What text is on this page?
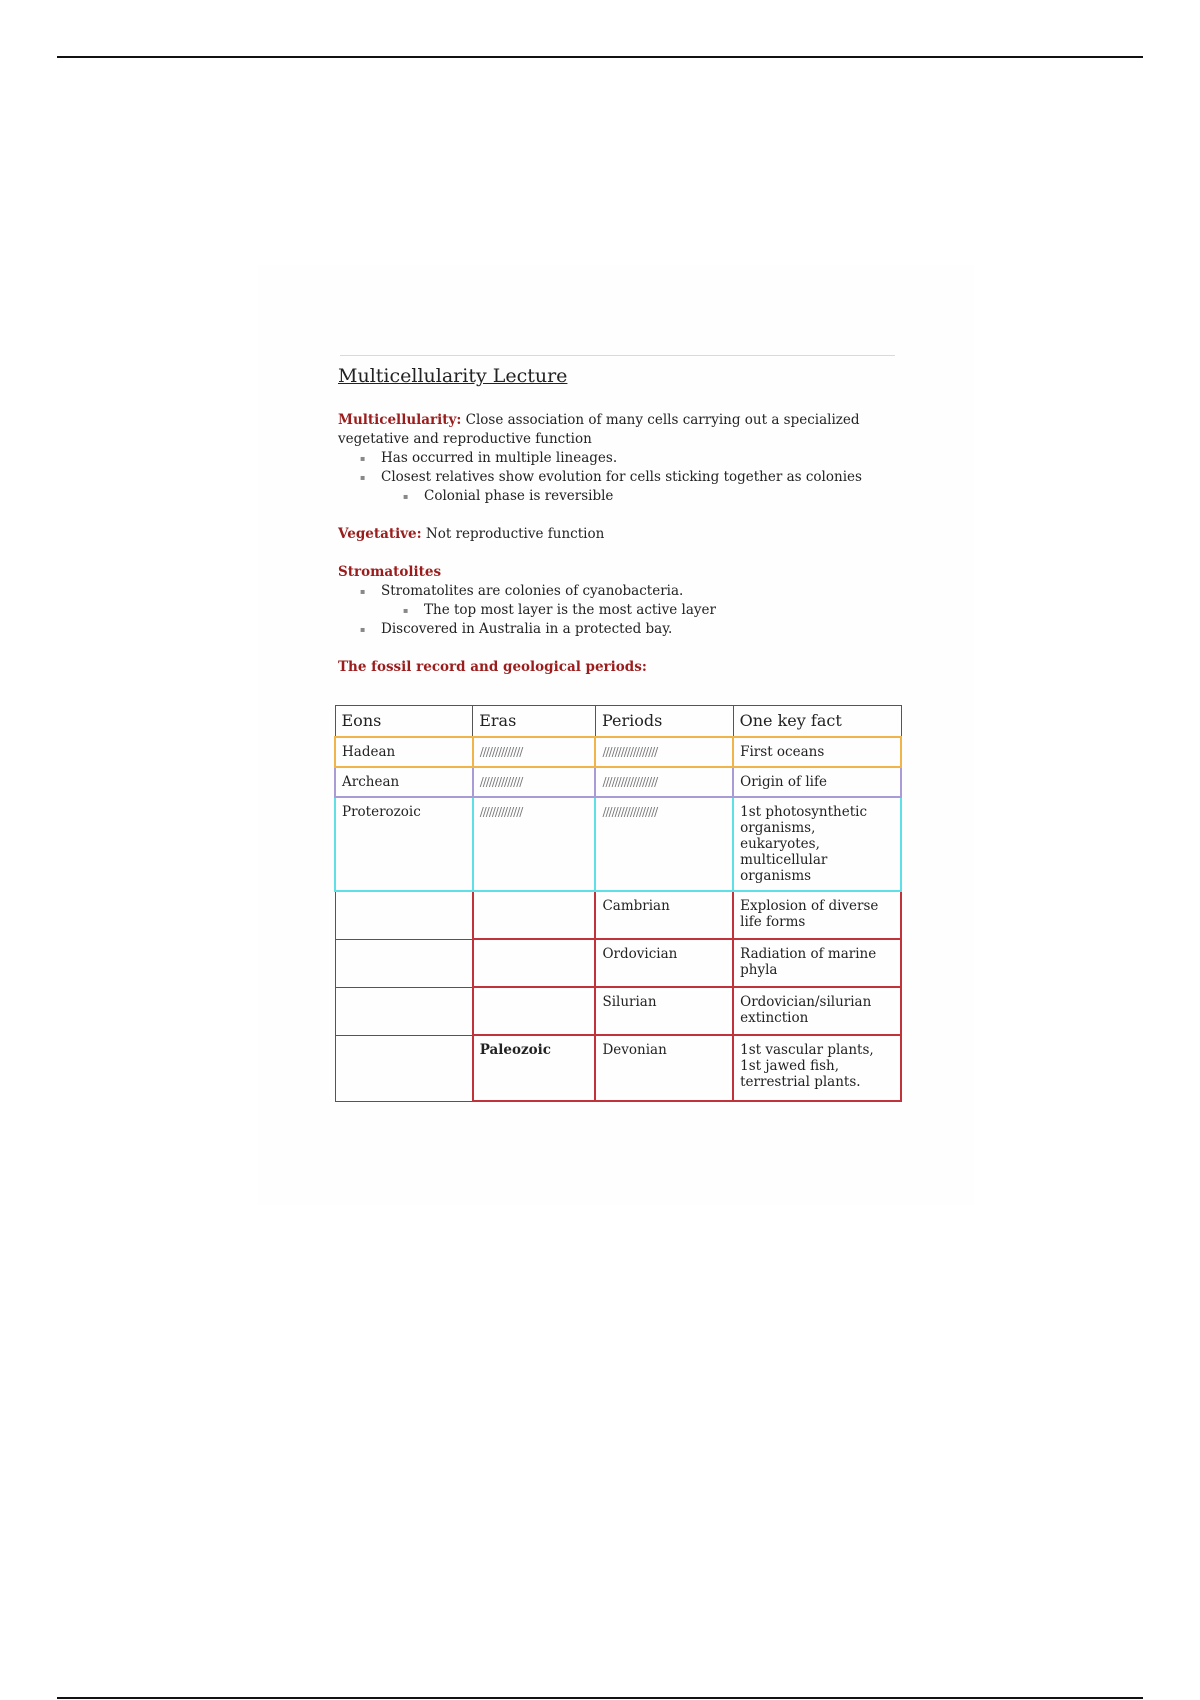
Multicellularity Lecture

Multicellularity: Close association of many cells carrying out a specialized vegetative and reproductive function

▪ Has occurred in multiple lineages.
▪ Closest relatives show evolution for cells sticking together as colonies
▪ Colonial phase is reversible

Vegetative: Not reproductive function

Stromatolites

▪ Stromatolites are colonies of cyanobacteria.
▪ The top most layer is the most active layer
▪ Discovered in Australia in a protected bay.

The fossil record and geological periods:

Eons	Eras	Periods	One key fact
Hadean	//////////////	//////////////////	First oceans
Archean	//////////////	//////////////////	Origin of life
Proterozoic	//////////////	//////////////////	1st photosynthetic organisms, eukaryotes, multicellular organisms
		Cambrian	Explosion of diverse life forms
		Ordovician	Radiation of marine phyla
		Silurian	Ordovician/silurian extinction
	Paleozoic	Devonian	1st vascular plants, 1st jawed fish, terrestrial plants.
